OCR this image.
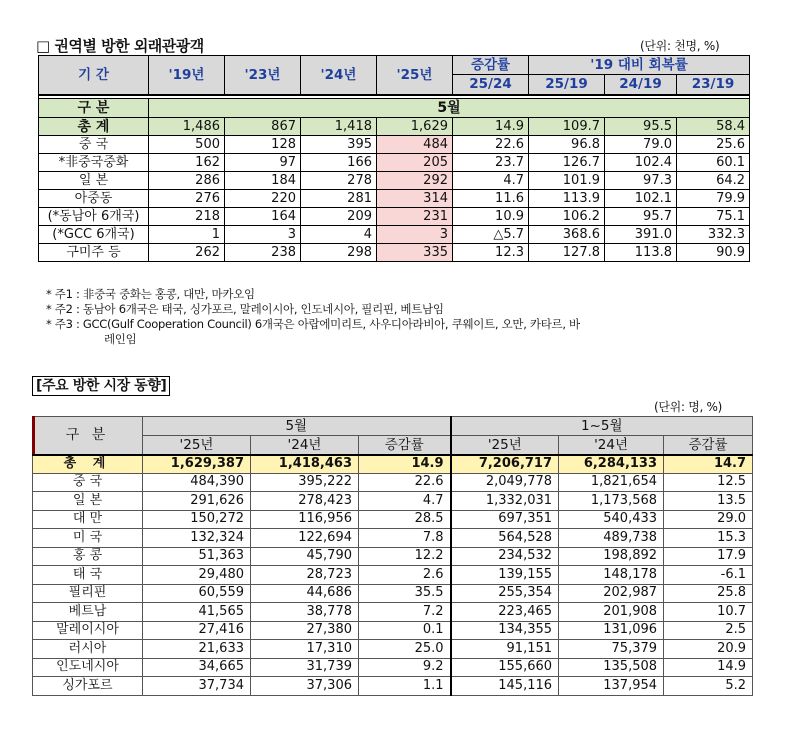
□ 권역별 방한 외래관광객	(단위: 천명, %)
기 간	'19년	'23년	'24년	'25년	증감률	'19 대비 회복률		
					25/24	25/19	24/19	23/19

구 분	5월							
총 계	1,486	867	1,418	1,629	14.9	109.7	95.5	58.4
중 국	500	128	395	484	22.6	96.8	79.0	25.6
*非중국중화	162	97	166	205	23.7	126.7	102.4	60.1
일 본	286	184	278	292	4.7	101.9	97.3	64.2
아중동	276	220	281	314	11.6	113.9	102.1	79.9
(*동남아 6개국)	218	164	209	231	10.9	106.2	95.7	75.1
(*GCC 6개국)	1	3	4	3	△5.7	368.6	391.0	332.3
구미주 등	262	238	298	335	12.3	127.8	113.8	90.9
* 주1 : 非중국 중화는 홍콩, 대만, 마카오임
* 주2 : 동남아 6개국은 태국, 싱가포르, 말레이시아, 인도네시아, 필리핀, 베트남임
* 주3 : GCC(Gulf Cooperation Council) 6개국은 아랍에미리트, 사우디아라비아, 쿠웨이트, 오만, 카타르, 바
레인임
[주요 방한 시장 동향]
(단위: 명, %)
구 분	5월			1~5월		
	'25년	'24년	증감률	'25년	'24년	증감률
총 계	1,629,387	1,418,463	14.9	7,206,717	6,284,133	14.7
중 국	484,390	395,222	22.6	2,049,778	1,821,654	12.5
일 본	291,626	278,423	4.7	1,332,031	1,173,568	13.5
대 만	150,272	116,956	28.5	697,351	540,433	29.0
미 국	132,324	122,694	7.8	564,528	489,738	15.3
홍 콩	51,363	45,790	12.2	234,532	198,892	17.9
태 국	29,480	28,723	2.6	139,155	148,178	-6.1
필리핀	60,559	44,686	35.5	255,354	202,987	25.8
베트남	41,565	38,778	7.2	223,465	201,908	10.7
말레이시아	27,416	27,380	0.1	134,355	131,096	2.5
러시아	21,633	17,310	25.0	91,151	75,379	20.9
인도네시아	34,665	31,739	9.2	155,660	135,508	14.9
싱가포르	37,734	37,306	1.1	145,116	137,954	5.2
